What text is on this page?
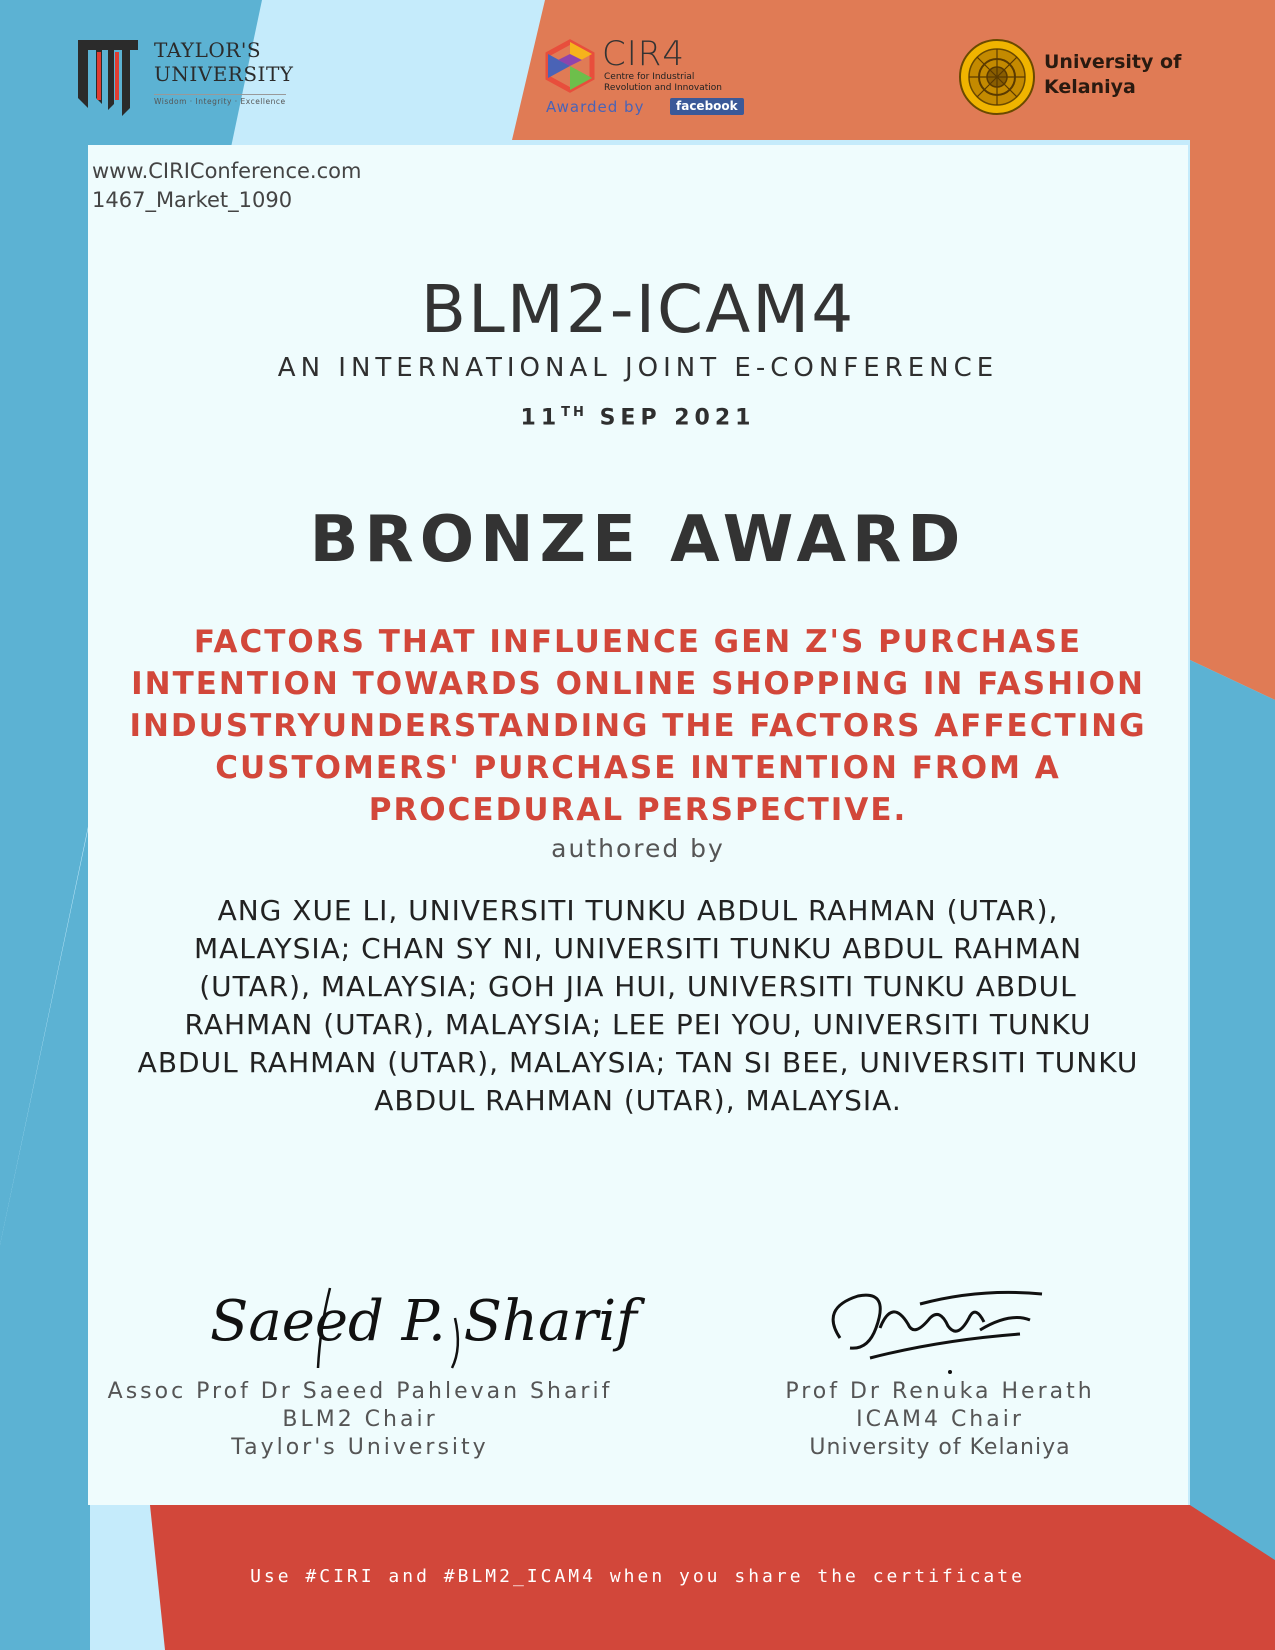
TAYLOR'S
UNIVERSITY
Wisdom · Integrity · Excellence
CIR4
Centre for Industrial
Revolution and Innovation
Awarded by	facebook
University of
Kelaniya
www.CIRIConference.com
1467_Market_1090
BLM2-ICAM4
AN INTERNATIONAL JOINT E-CONFERENCE
11TH SEP 2021
BRONZE AWARD
FACTORS THAT INFLUENCE GEN Z'S PURCHASE
INTENTION TOWARDS ONLINE SHOPPING IN FASHION
INDUSTRYUNDERSTANDING THE FACTORS AFFECTING
CUSTOMERS' PURCHASE INTENTION FROM A
PROCEDURAL PERSPECTIVE.
authored by
ANG XUE LI, UNIVERSITI TUNKU ABDUL RAHMAN (UTAR),
MALAYSIA; CHAN SY NI, UNIVERSITI TUNKU ABDUL RAHMAN
(UTAR), MALAYSIA; GOH JIA HUI, UNIVERSITI TUNKU ABDUL
RAHMAN (UTAR), MALAYSIA; LEE PEI YOU, UNIVERSITI TUNKU
ABDUL RAHMAN (UTAR), MALAYSIA; TAN SI BEE, UNIVERSITI TUNKU
ABDUL RAHMAN (UTAR), MALAYSIA.
Saeed P. Sharif
Assoc Prof Dr Saeed Pahlevan Sharif
BLM2 Chair
Taylor's University
Prof Dr Renuka Herath
ICAM4 Chair
University of Kelaniya
Use #CIRI and #BLM2_ICAM4 when you share the certificate
